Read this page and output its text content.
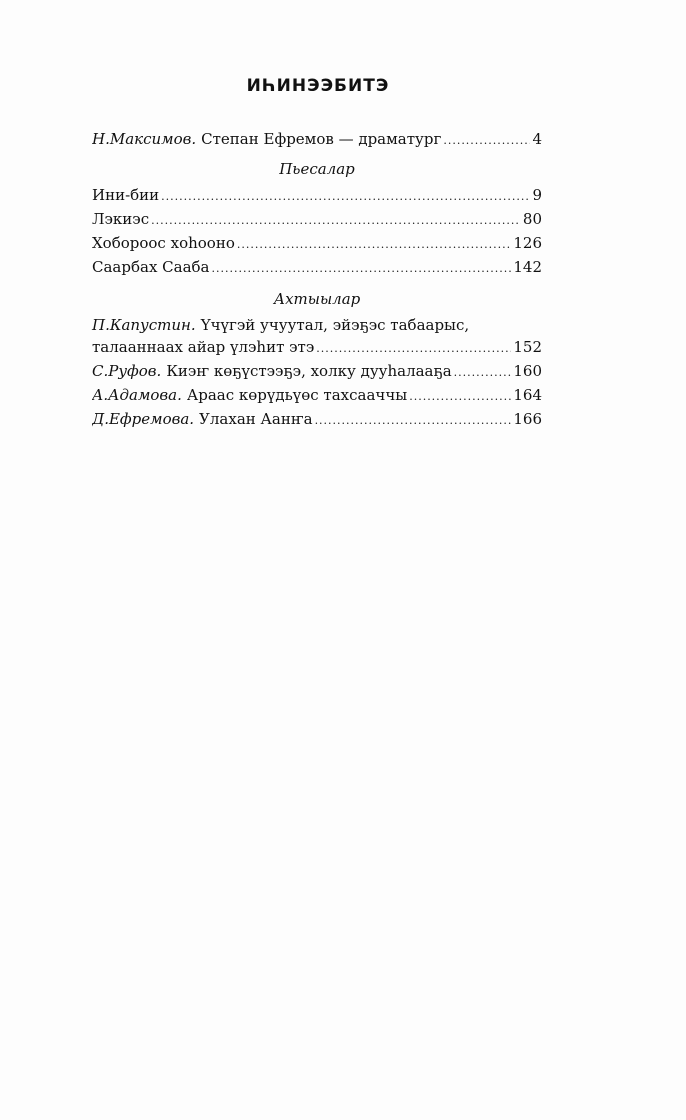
ИҺИНЭЭБИТЭ
Н.Максимов. Степан Ефремов — драматург .....	4
Пьесалар
Ини-бии .....	9
Лэкиэс .....	80
Хобороос хоһооно .....	126
Саарбах Сааба .....	142
Ахтыылар
П.Капустин. Үчүгэй учуутал, эйэҕэс табаарыс,
талааннаах айар үлэһит этэ .....	152
С.Руфов. Киэҥ көҕүстээҕэ, холку дууһалааҕа .....	160
А.Адамова. Араас көрүдьүөс тахсааччы .....	164
Д.Ефремова. Улахан Аанҥа .....	166
